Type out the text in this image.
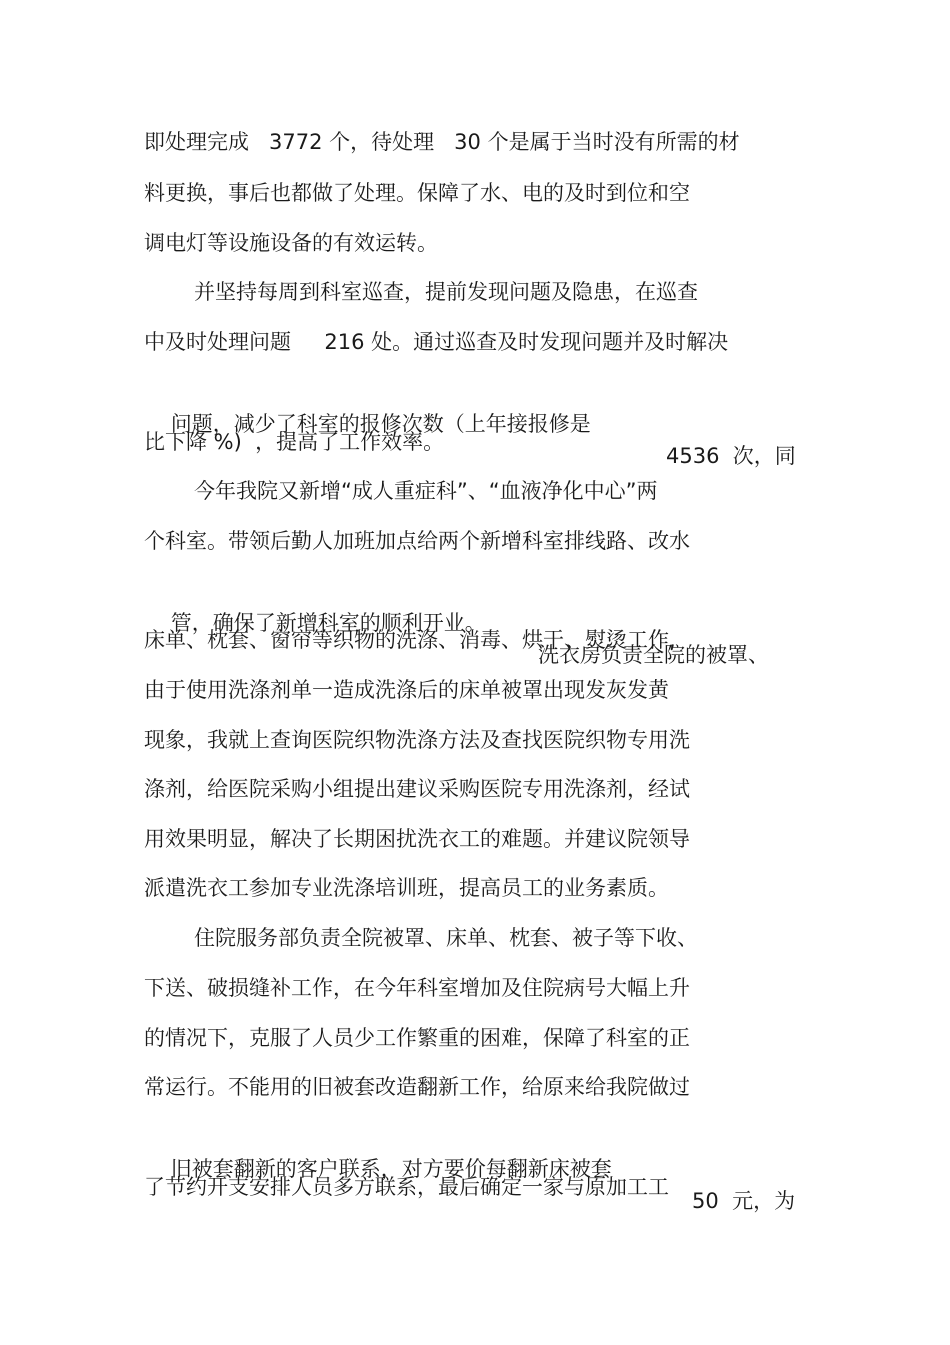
即处理完成   3772 个，待处理   30 个是属于当时没有所需的材
料更换，事后也都做了处理。保障了水、电的及时到位和空
调电灯等设施设备的有效运转。
并坚持每周到科室巡查，提前发现问题及隐患，在巡查
中及时处理问题     216 处。通过巡查及时发现问题并及时解决

问题，减少了科室的报修次数（上年接报修是

4536  次，同

比下降 %)  ，提高了工作效率。
今年我院又新增“成人重症科”、“血液净化中心”两
个科室。带领后勤人加班加点给两个新增科室排线路、改水

管，确保了新增科室的顺利开业。

洗衣房负责全院的被罩、

床单、枕套、窗帘等织物的洗涤、消毒、烘干、熨烫工作,
由于使用洗涤剂单一造成洗涤后的床单被罩出现发灰发黄
现象，我就上查询医院织物洗涤方法及查找医院织物专用洗
涤剂，给医院采购小组提出建议采购医院专用洗涤剂，经试
用效果明显，解决了长期困扰洗衣工的难题。并建议院领导
派遣洗衣工参加专业洗涤培训班，提高员工的业务素质。
住院服务部负责全院被罩、床单、枕套、被子等下收、
下送、破损缝补工作，在今年科室增加及住院病号大幅上升
的情况下，克服了人员少工作繁重的困难，保障了科室的正
常运行。不能用的旧被套改造翻新工作，给原来给我院做过

旧被套翻新的客户联系，对方要价每翻新床被套

50  元，为

了节约开支安排人员多方联系，最后确定一家与原加工工
